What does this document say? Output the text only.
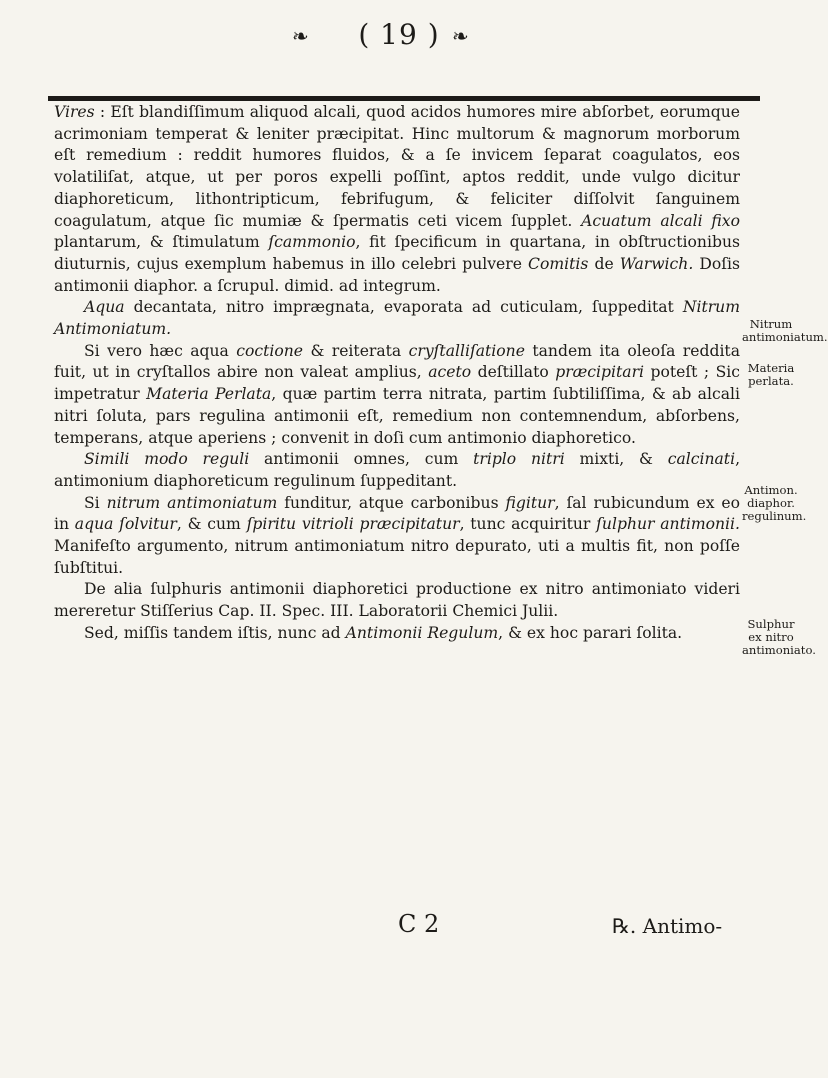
❧	( 19 ) ❧

Vires : Eſt blandiſſimum aliquod alcali, quod acidos humores mire abſorbet, eorumque acrimoniam temperat & leniter præcipitat. Hinc multorum & magnorum morborum eſt remedium : reddit humores fluidos, & a ſe invicem ſeparat coagulatos, eos volatiliſat, atque, ut per poros expelli poſſint, aptos reddit, unde vulgo dicitur diaphoreticum, lithontripticum, febrifugum, & feliciter diſſolvit ſanguinem coagulatum, atque ſic mumiæ & ſpermatis ceti vicem ſupplet. Acuatum alcali fixo plantarum, & ſtimulatum ſcammonio, fit ſpecificum in quartana, in obſtructionibus diuturnis, cujus exemplum habemus in illo celebri pulvere Comitis de Warwich. Doſis antimonii diaphor. a ſcrupul. dimid. ad integrum.

Aqua decantata, nitro imprægnata, evaporata ad cuticulam, ſuppeditat Nitrum Antimoniatum.

Si vero hæc aqua coctione & reiterata cryſtalliſatione tandem ita oleoſa reddita fuit, ut in cryſtallos abire non valeat amplius, aceto deſtillato præcipitari poteſt ; Sic impetratur Materia Perlata, quæ partim terra nitrata, partim ſubtiliſſima, & ab alcali nitri ſoluta, pars regulina antimonii eſt, remedium non contemnendum, abſorbens, temperans, atque aperiens ; convenit in doſi cum antimonio diaphoretico.

Simili modo reguli antimonii omnes, cum triplo nitri mixti, & calcinati, antimonium diaphoreticum regulinum ſuppeditant.

Si nitrum antimoniatum funditur, atque carbonibus figitur, ſal rubicundum ex eo in aqua ſolvitur, & cum ſpiritu vitrioli præcipitatur, tunc acquiritur ſulphur antimonii. Manifeſto argumento, nitrum antimoniatum nitro depurato, uti a multis fit, non poſſe ſubſtitui.

De alia ſulphuris antimonii diaphoretici productione ex nitro antimoniato videri mereretur Stiſſerius Cap. II. Spec. III. Laboratorii Chemici Julii.

Sed, miſſis tandem iſtis, nunc ad Antimonii Regulum, & ex hoc parari ſolita.

Nitrum antimoniatum.
Materia perlata.
Antimon. diaphor. regulinum.
Sulphur ex nitro antimoniato.
C 2	℞. Antimo-
